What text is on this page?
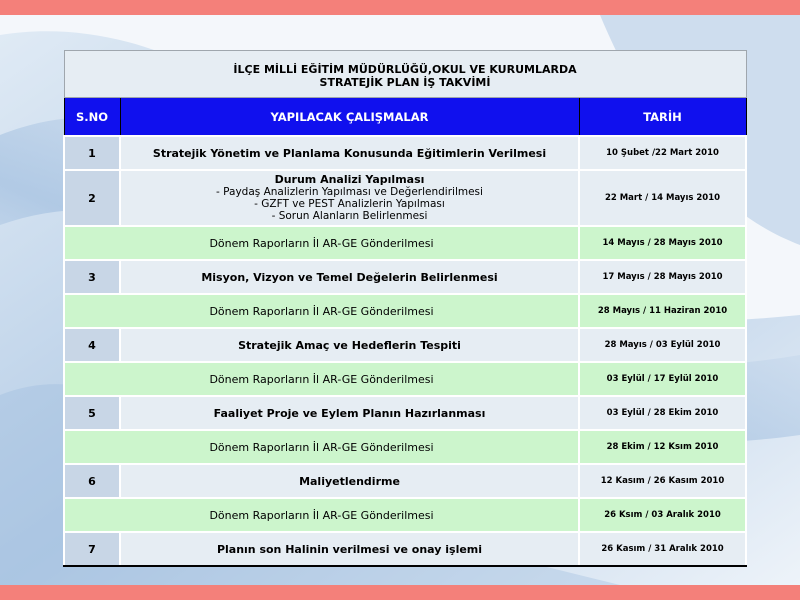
İLÇE MİLLİ EĞİTİM MÜDÜRLÜĞÜ,OKUL VE KURUMLARDA
STRATEJİK PLAN İŞ TAKVİMİ		

S.NO	YAPILACAK ÇALIŞMALAR	TARİH
1	Stratejik Yönetim ve Planlama Konusunda Eğitimlerin Verilmesi	10 Şubet /22 Mart 2010
2	Durum Analizi Yapılması
- Paydaş Analizlerin Yapılması ve Değerlendirilmesi
- GZFT ve PEST Analizlerin Yapılması
- Sorun Alanların Belirlenmesi	22 Mart / 14 Mayıs 2010
Dönem Raporların İl AR-GE Gönderilmesi		14 Mayıs / 28 Mayıs 2010
3	Misyon, Vizyon ve Temel Değelerin Belirlenmesi	17 Mayıs / 28 Mayıs 2010
Dönem Raporların İl AR-GE Gönderilmesi		28 Mayıs / 11 Haziran 2010
4	Stratejik Amaç ve Hedeflerin Tespiti	28 Mayıs / 03 Eylül 2010
Dönem Raporların İl AR-GE Gönderilmesi		03 Eylül / 17 Eylül 2010
5	Faaliyet Proje ve Eylem Planın Hazırlanması	03 Eylül / 28 Ekim 2010
Dönem Raporların İl AR-GE Gönderilmesi		28 Ekim / 12 Ksım 2010
6	Maliyetlendirme	12 Kasım / 26 Kasım 2010
Dönem Raporların İl AR-GE Gönderilmesi		26 Ksım / 03 Aralık 2010
7	Planın son Halinin verilmesi ve onay işlemi	26 Kasım / 31 Aralık 2010
